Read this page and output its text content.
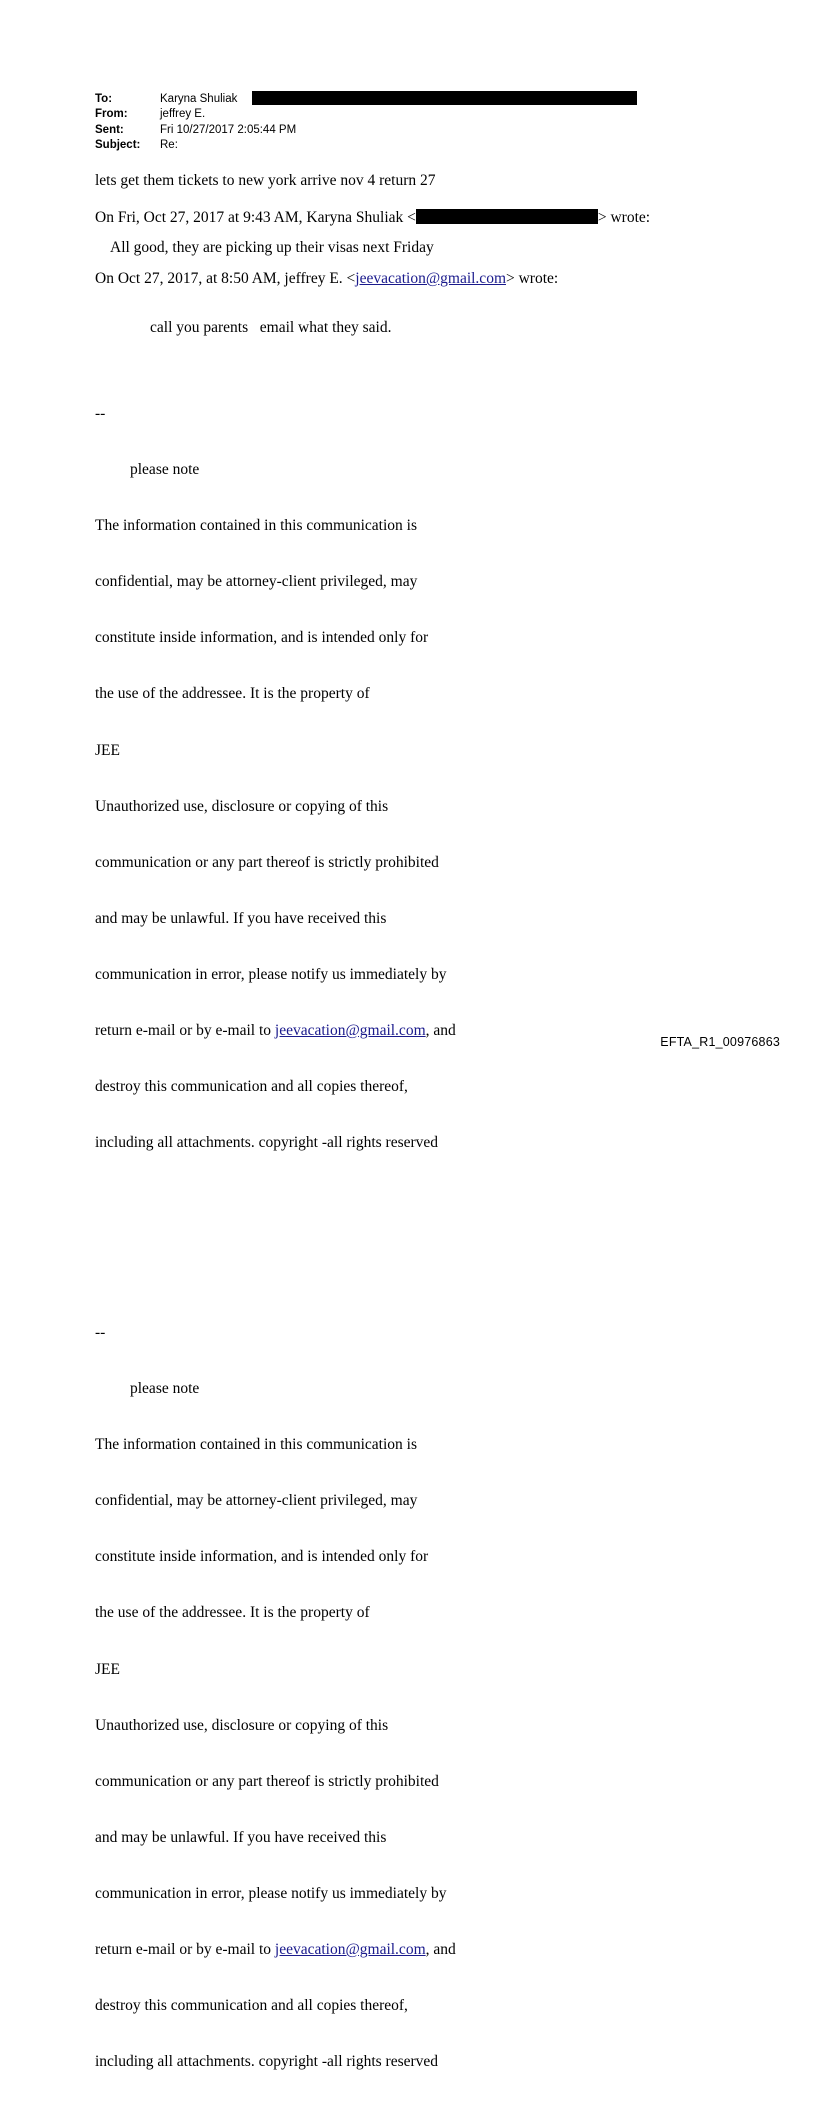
To:	Karyna Shuliak
From:	jeffrey E.
Sent:	Fri 10/27/2017 2:05:44 PM
Subject:	Re:

lets get them tickets to new york arrive nov 4 return 27

On Fri, Oct 27, 2017 at 9:43 AM, Karyna Shuliak <	> wrote:

All good, they are picking up their visas next Friday

On Oct 27, 2017, at 8:50 AM, jeffrey E. <jeevacation@gmail.com> wrote:

call you parents   email what they said.

--

please note

The information contained in this communication is

confidential, may be attorney-client privileged, may

constitute inside information, and is intended only for

the use of the addressee. It is the property of

JEE

Unauthorized use, disclosure or copying of this

communication or any part thereof is strictly prohibited

and may be unlawful. If you have received this

communication in error, please notify us immediately by

return e-mail or by e-mail to jeevacation@gmail.com, and

destroy this communication and all copies thereof,

including all attachments. copyright -all rights reserved

--

please note

The information contained in this communication is

confidential, may be attorney-client privileged, may

constitute inside information, and is intended only for

the use of the addressee. It is the property of

JEE

Unauthorized use, disclosure or copying of this

communication or any part thereof is strictly prohibited

and may be unlawful. If you have received this

communication in error, please notify us immediately by

return e-mail or by e-mail to jeevacation@gmail.com, and

destroy this communication and all copies thereof,

including all attachments. copyright -all rights reserved

EFTA_R1_00976863
